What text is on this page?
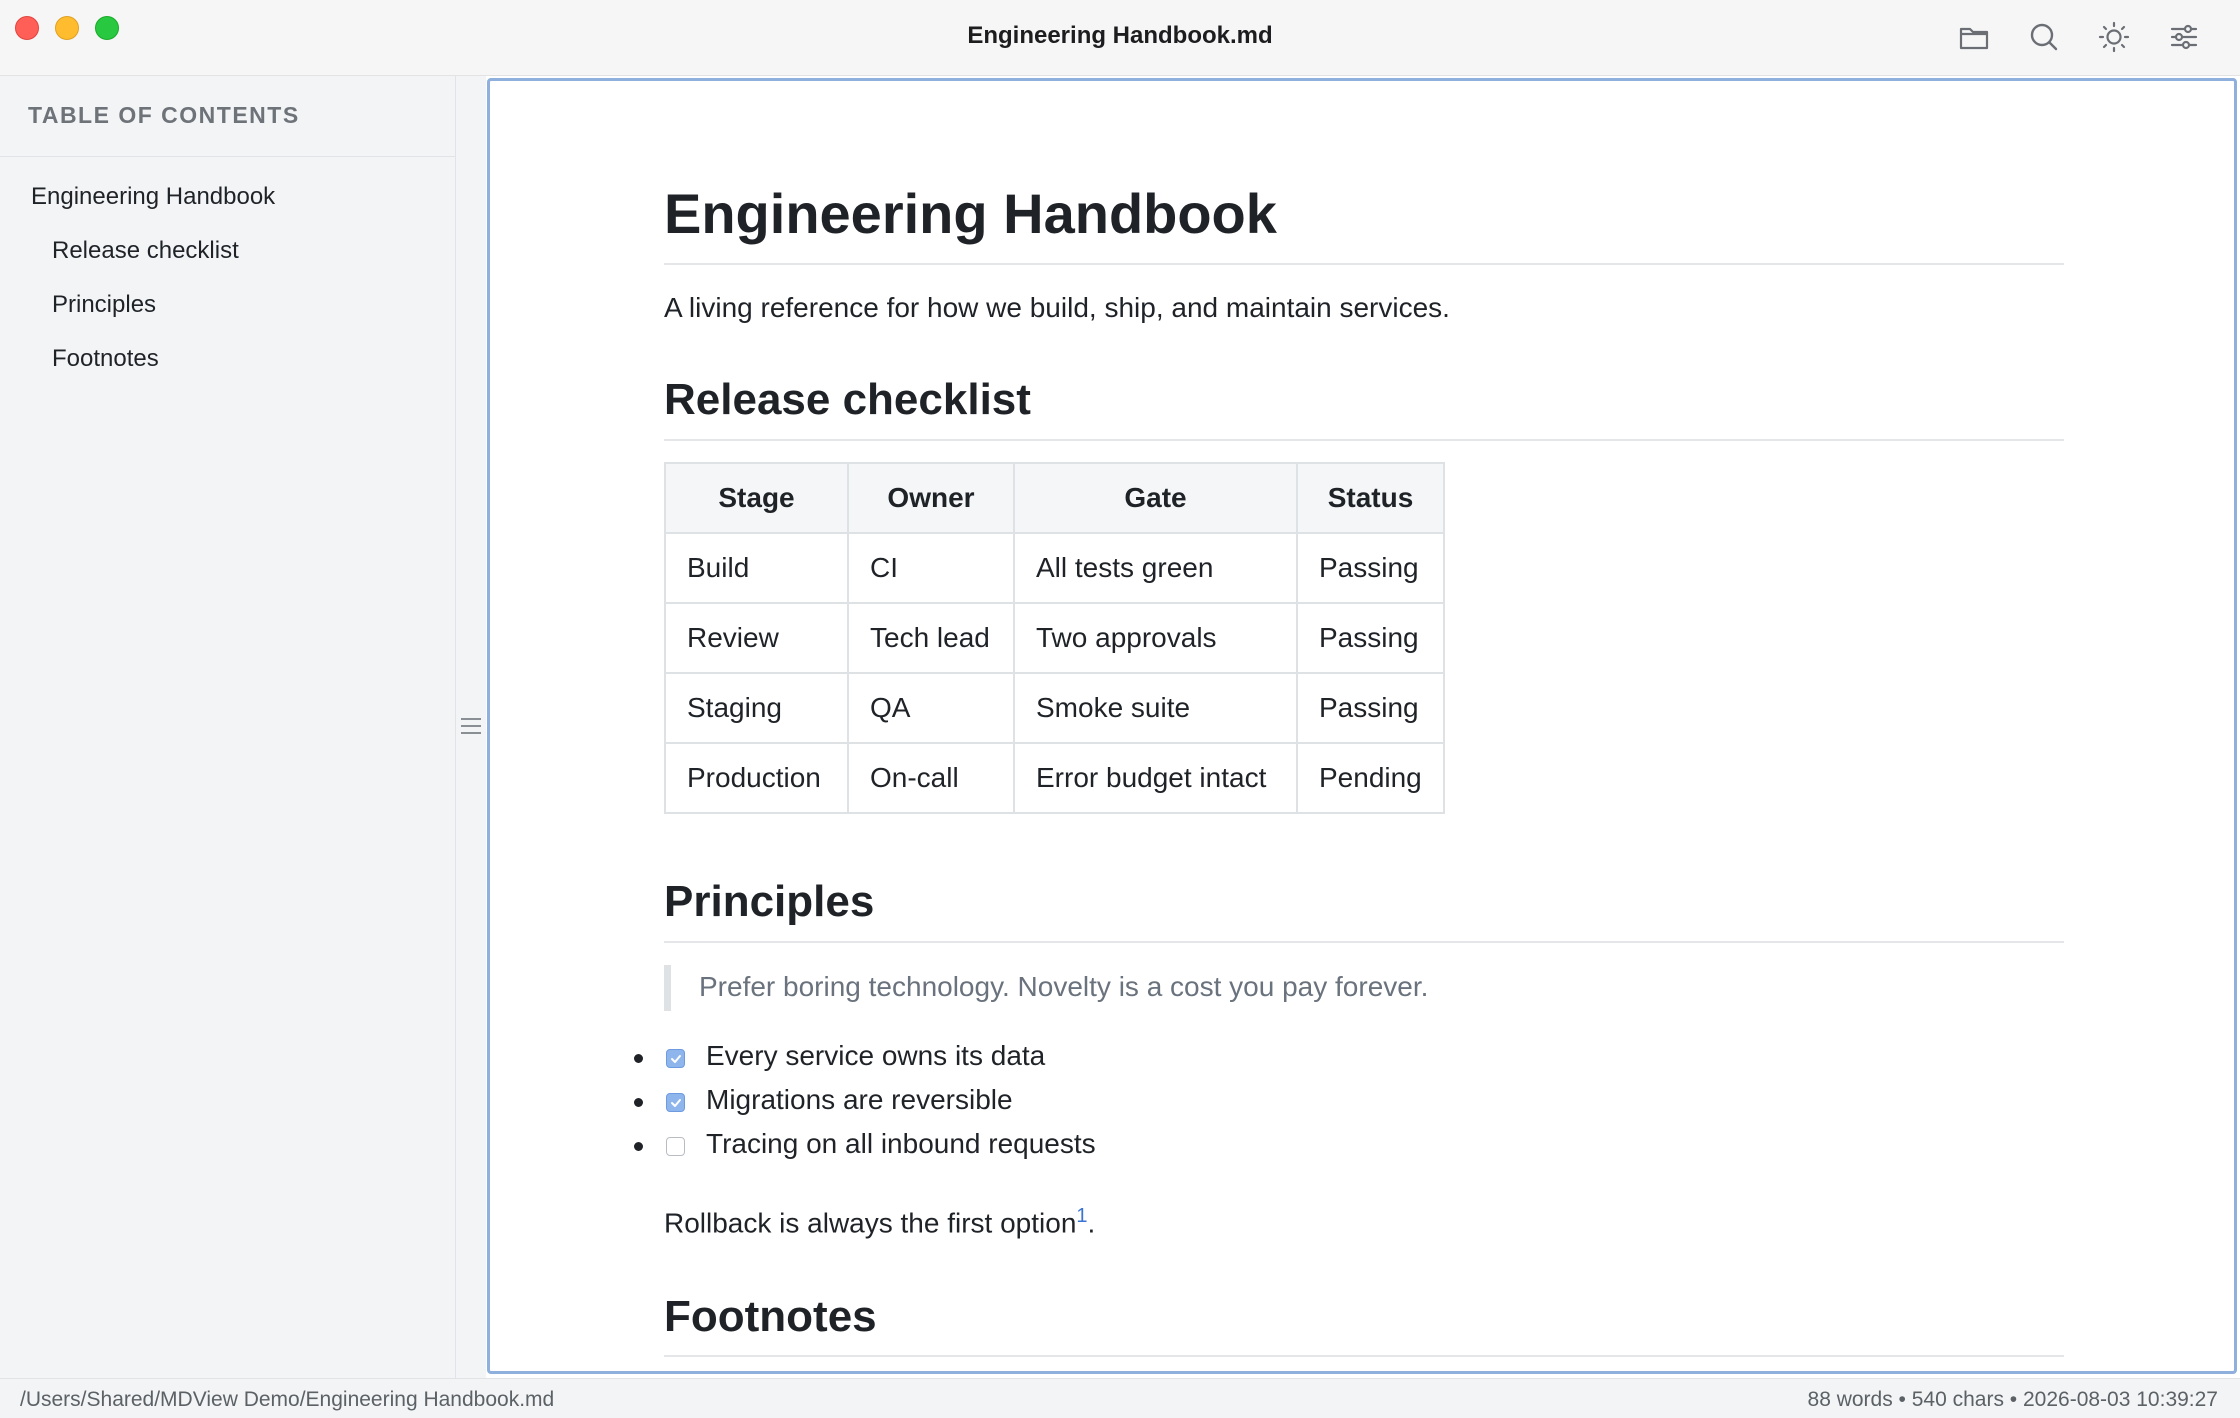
Engineering Handbook.md
TABLE OF CONTENTS
Engineering Handbook
Release checklist
Principles
Footnotes
Engineering Handbook
A living reference for how we build, ship, and maintain services.
Release checklist
Stage	Owner	Gate	Status
Build	CI	All tests green	Passing
Review	Tech lead	Two approvals	Passing
Staging	QA	Smoke suite	Passing
Production	On-call	Error budget intact	Pending
Principles
Prefer boring technology. Novelty is a cost you pay forever.
Every service owns its data
Migrations are reversible
Tracing on all inbound requests
Rollback is always the first option$^1$.
Footnotes
/Users/Shared/MDView Demo/Engineering Handbook.md	88 words • 540 chars • 2026-08-03 10:39:27
